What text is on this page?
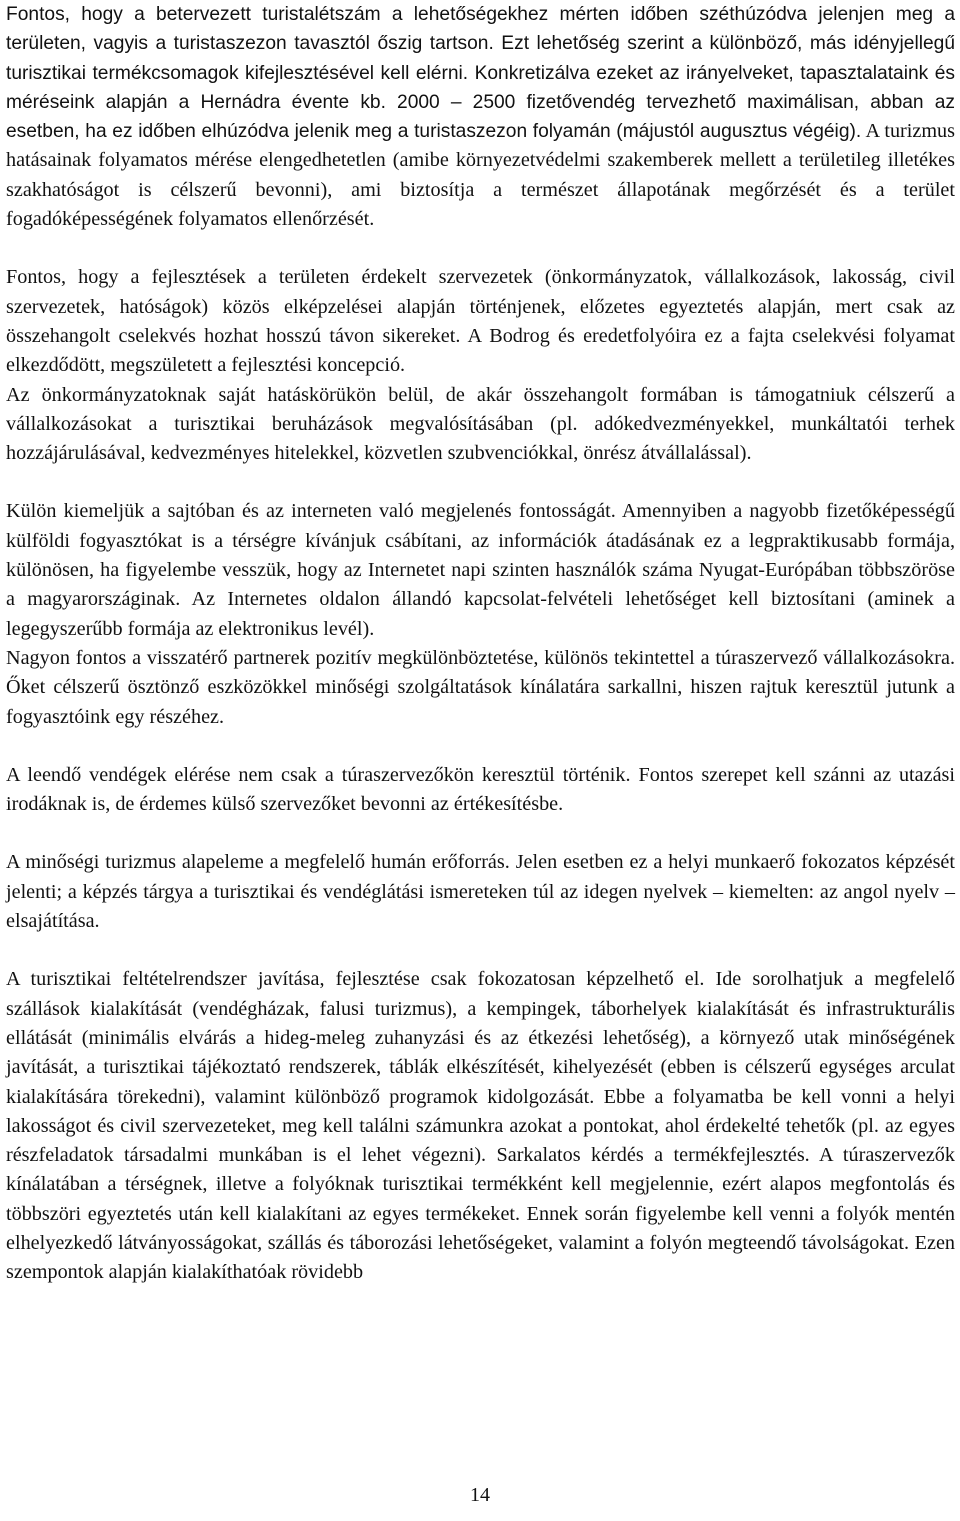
Fontos, hogy a betervezett turistalétszám a lehetőségekhez mérten időben széthúzódva jelenjen meg a területen, vagyis a turistaszezon tavasztól őszig tartson. Ezt lehetőség szerint a különböző, más idényjellegű turisztikai termékcsomagok kifejlesztésével kell elérni. Konkretizálva ezeket az irányelveket, tapasztalataink és méréseink alapján a Hernádra évente kb. 2000 – 2500 fizetővendég tervezhető maximálisan, abban az esetben, ha ez időben elhúzódva jelenik meg a turistaszezon folyamán (májustól augusztus végéig). A turizmus hatásainak folyamatos mérése elengedhetetlen (amibe környezetvédelmi szakemberek mellett a területileg illetékes szakhatóságot is célszerű bevonni), ami biztosítja a természet állapotának megőrzését és a terület fogadóképességének folyamatos ellenőrzését.

Fontos, hogy a fejlesztések a területen érdekelt szervezetek (önkormányzatok, vállalkozások, lakosság, civil szervezetek, hatóságok) közös elképzelései alapján történjenek, előzetes egyeztetés alapján, mert csak az összehangolt cselekvés hozhat hosszú távon sikereket. A Bodrog és eredetfolyóira ez a fajta cselekvési folyamat elkezdődött, megszületett a fejlesztési koncepció.

Az önkormányzatoknak saját hatáskörükön belül, de akár összehangolt formában is támogatniuk célszerű a vállalkozásokat a turisztikai beruházások megvalósításában (pl. adókedvezményekkel, munkáltatói terhek hozzájárulásával, kedvezményes hitelekkel, közvetlen szubvenciókkal, önrész átvállalással).

Külön kiemeljük a sajtóban és az interneten való megjelenés fontosságát. Amennyiben a nagyobb fizetőképességű külföldi fogyasztókat is a térségre kívánjuk csábítani, az információk átadásának ez a legpraktikusabb formája, különösen, ha figyelembe vesszük, hogy az Internetet napi szinten használók száma Nyugat-Európában többszöröse a magyarországinak. Az Internetes oldalon állandó kapcsolat-felvételi lehetőséget kell biztosítani (aminek a legegyszerűbb formája az elektronikus levél).

Nagyon fontos a visszatérő partnerek pozitív megkülönböztetése, különös tekintettel a túraszervező vállalkozásokra. Őket célszerű ösztönző eszközökkel minőségi szolgáltatások kínálatára sarkallni, hiszen rajtuk keresztül jutunk a fogyasztóink egy részéhez.

A leendő vendégek elérése nem csak a túraszervezőkön keresztül történik. Fontos szerepet kell szánni az utazási irodáknak is, de érdemes külső szervezőket bevonni az értékesítésbe.

A minőségi turizmus alapeleme a megfelelő humán erőforrás. Jelen esetben ez a helyi munkaerő fokozatos képzését jelenti; a képzés tárgya a turisztikai és vendéglátási ismereteken túl az idegen nyelvek – kiemelten: az angol nyelv – elsajátítása.

A turisztikai feltételrendszer javítása, fejlesztése csak fokozatosan képzelhető el. Ide sorolhatjuk a megfelelő szállások kialakítását (vendégházak, falusi turizmus), a kempingek, táborhelyek kialakítását és infrastrukturális ellátását (minimális elvárás a hideg-meleg zuhanyzási és az étkezési lehetőség), a környező utak minőségének javítását, a turisztikai tájékoztató rendszerek, táblák elkészítését, kihelyezését (ebben is célszerű egységes arculat kialakítására törekedni), valamint különböző programok kidolgozását. Ebbe a folyamatba be kell vonni a helyi lakosságot és civil szervezeteket, meg kell találni számunkra azokat a pontokat, ahol érdekelté tehetők (pl. az egyes részfeladatok társadalmi munkában is el lehet végezni). Sarkalatos kérdés a termékfejlesztés. A túraszervezők kínálatában a térségnek, illetve a folyóknak turisztikai termékként kell megjelennie, ezért alapos megfontolás és többszöri egyeztetés után kell kialakítani az egyes termékeket. Ennek során figyelembe kell venni a folyók mentén elhelyezkedő látványosságokat, szállás és táborozási lehetőségeket, valamint a folyón megteendő távolságokat. Ezen szempontok alapján kialakíthatóak rövidebb

14
